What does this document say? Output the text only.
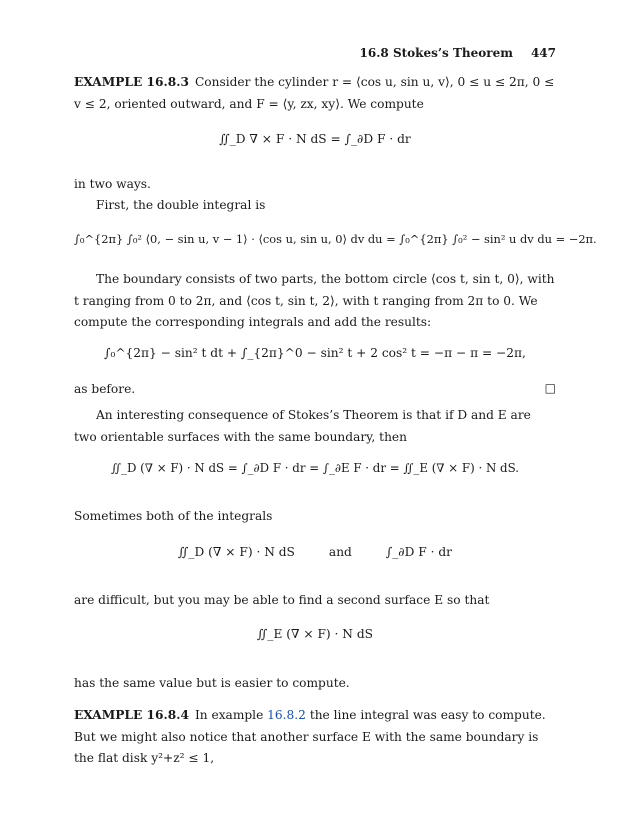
16.8 Stokes’s Theorem 447
EXAMPLE 16.8.3 Consider the cylinder r = ⟨cos u, sin u, v⟩, 0 ≤ u ≤ 2π, 0 ≤ v ≤ 2, oriented outward, and F = ⟨y, zx, xy⟩. We compute
∬_D ∇ × F · N dS = ∫_∂D F · dr
in two ways.
First, the double integral is
∫₀^{2π} ∫₀² ⟨0, − sin u, v − 1⟩ · ⟨cos u, sin u, 0⟩ dv du = ∫₀^{2π} ∫₀² − sin² u dv du = −2π.
The boundary consists of two parts, the bottom circle ⟨cos t, sin t, 0⟩, with t ranging from 0 to 2π, and ⟨cos t, sin t, 2⟩, with t ranging from 2π to 0. We compute the corresponding integrals and add the results:
∫₀^{2π} − sin² t dt + ∫_{2π}^0 − sin² t + 2 cos² t = −π − π = −2π,
as before.	□
An interesting consequence of Stokes’s Theorem is that if D and E are two orientable surfaces with the same boundary, then
∬_D (∇ × F) · N dS = ∫_∂D F · dr = ∫_∂E F · dr = ∬_E (∇ × F) · N dS.
Sometimes both of the integrals
∬_D (∇ × F) · N dS	and	∫_∂D F · dr
are difficult, but you may be able to find a second surface E so that
∬_E (∇ × F) · N dS
has the same value but is easier to compute.
EXAMPLE 16.8.4 In example 16.8.2 the line integral was easy to compute. But we might also notice that another surface E with the same boundary is the flat disk y²+z² ≤ 1,
